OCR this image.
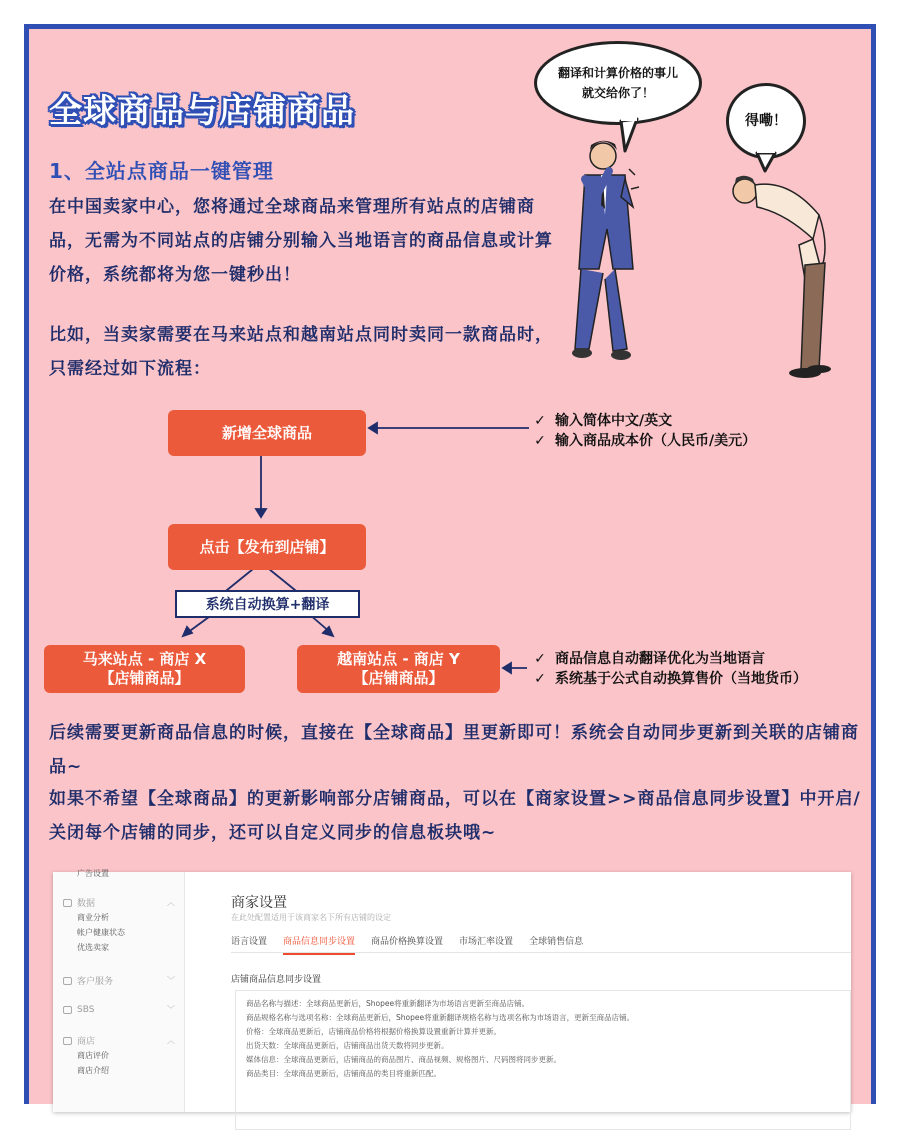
全球商品与店铺商品
1、全站点商品一键管理
在中国卖家中心，您将通过全球商品来管理所有站点的店铺商品，无需为不同站点的店铺分别输入当地语言的商品信息或计算价格，系统都将为您一键秒出！
比如，当卖家需要在马来站点和越南站点同时卖同一款商品时，只需经过如下流程：
翻译和计算价格的事儿
就交给你了！
得嘞！
新增全球商品
点击【发布到店铺】
系统自动换算+翻译
马来站点 - 商店 X
【店铺商品】
越南站点 - 商店 Y
【店铺商品】
✓ 输入简体中文/英文
✓ 输入商品成本价（人民币/美元）
✓ 商品信息自动翻译优化为当地语言
✓ 系统基于公式自动换算售价（当地货币）
后续需要更新商品信息的时候，直接在【全球商品】里更新即可！系统会自动同步更新到关联的店铺商品~
如果不希望【全球商品】的更新影响部分店铺商品，可以在【商家设置>>商品信息同步设置】中开启/关闭每个店铺的同步，还可以自定义同步的信息板块哦~
广告设置
数据	︿
商业分析
帐户健康状态
优选卖家
客户服务	﹀
SBS	﹀
商店	︿
商店评价
商店介绍
商家设置
在此处配置适用于该商家名下所有店铺的设定
语言设置 商品信息同步设置 商品价格换算设置 市场汇率设置 全球销售信息
店铺商品信息同步设置
商品名称与描述：全球商品更新后，Shopee将重新翻译为市场语言更新至商品店铺。
商品规格名称与选项名称：全球商品更新后，Shopee将重新翻译规格名称与选项名称为市场语言，更新至商品店铺。
价格：全球商品更新后，店铺商品价格将根据价格换算设置重新计算并更新。
出货天数：全球商品更新后，店铺商品出货天数将同步更新。
媒体信息：全球商品更新后，店铺商品的商品图片、商品视频、规格图片、尺码图将同步更新。
商品类目：全球商品更新后，店铺商品的类目将重新匹配。
